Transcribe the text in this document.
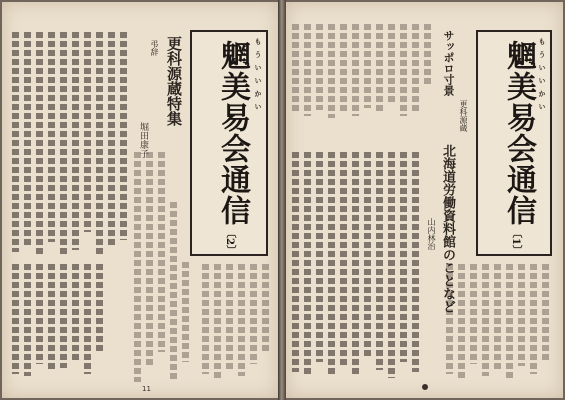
堀田康子
弔辞 更科源蔵特集	もういいかい
魍美易会通信
〔2〕
11
サッポロ寸景
更科源蔵
北海道労働資料館のことなど
山内林治
もういいかい
魍美易会通信
〔1〕
